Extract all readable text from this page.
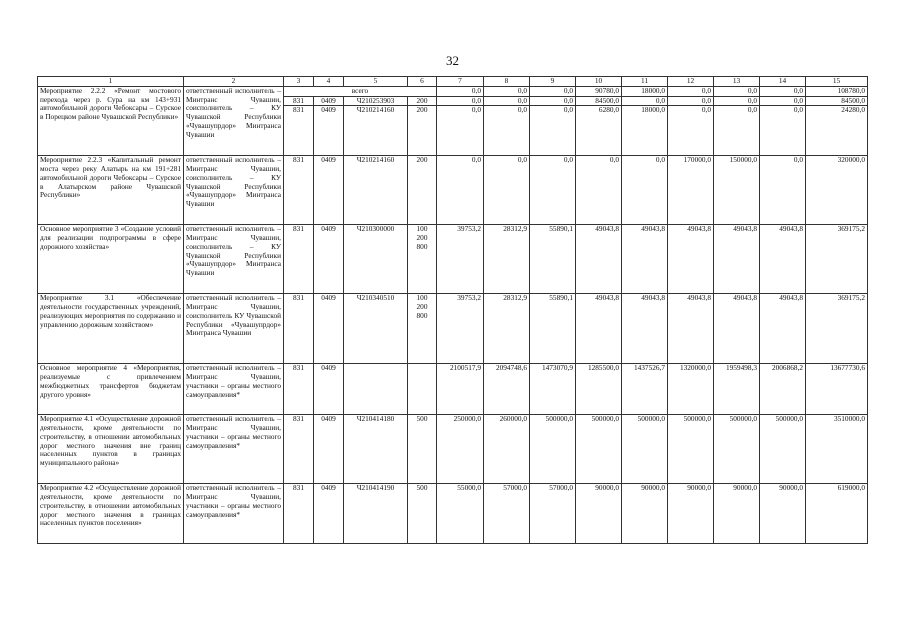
32
1	2	3	4	5	6	7	8	9	10	11	12	13	14	15
Мероприятие 2.2.2 «Ремонт мостового перехода через р. Сура на км 143+931 автомобильной дороги Чебоксары – Сурское в Порецком районе Чувашской Республики»	ответственный исполнитель – Минтранс Чувашии, соисполнитель – КУ Чувашской Республики «Чувашупрдор» Минтранса Чувашии	всего				0,0	0,0	0,0	90780,0	18000,0	0,0	0,0	0,0	108780,0
		831	0409	Ч210253903	200	0,0	0,0	0,0	84500,0	0,0	0,0	0,0	0,0	84500,0
		831	0409	Ч210214160	200	0,0	0,0	0,0	6280,0	18000,0	0,0	0,0	0,0	24280,0
Мероприятие 2.2.3 «Капитальный ремонт моста через реку Алатырь на км 191+281 автомобильной дороги Чебоксары – Сурское в Алатырском районе Чувашской Республики»	ответственный исполнитель – Минтранс Чувашии, соисполнитель – КУ Чувашской Республики «Чувашупрдор» Минтранса Чувашии	831	0409	Ч210214160	200	0,0	0,0	0,0	0,0	0,0	170000,0	150000,0	0,0	320000,0
Основное мероприятие 3 «Создание условий для реализации подпрограммы в сфере дорожного хозяйства»	ответственный исполнитель – Минтранс Чувашии, соисполнитель – КУ Чувашской Республики «Чувашупрдор» Минтранса Чувашии	831	0409	Ч210300000	100
200
800	39753,2	28312,9	55890,1	49043,8	49043,8	49043,8	49043,8	49043,8	369175,2
Мероприятие 3.1 «Обеспечение деятельности государственных учреждений, реализующих мероприятия по содержанию и управлению дорожным хозяйством»	ответственный исполнитель – Минтранс Чувашии, соисполнитель КУ Чувашской Республики «Чувашупрдор» Минтранса Чувашии	831	0409	Ч210340510	100
200
800	39753,2	28312,9	55890,1	49043,8	49043,8	49043,8	49043,8	49043,8	369175,2
Основное мероприятие 4 «Мероприятия, реализуемые с привлечением межбюджетных трансфертов бюджетам другого уровня»	ответственный исполнитель – Минтранс Чувашии, участники – органы местного самоуправления*	831	0409			2100517,9	2094748,6	1473070,9	1285500,0	1437526,7	1320000,0	1959498,3	2006868,2	13677730,6
Мероприятие 4.1 «Осуществление дорожной деятельности, кроме деятельности по строительству, в отношении автомобильных дорог местного значения вне границ населенных пунктов в границах муниципального района»	ответственный исполнитель – Минтранс Чувашии, участники – органы местного самоуправления*	831	0409	Ч210414180	500	250000,0	260000,0	500000,0	500000,0	500000,0	500000,0	500000,0	500000,0	3510000,0
Мероприятие 4.2 «Осуществление дорожной деятельности, кроме деятельности по строительству, в отношении автомобильных дорог местного значения в границах населенных пунктов поселения»	ответственный исполнитель – Минтранс Чувашии, участники – органы местного самоуправления*	831	0409	Ч210414190	500	55000,0	57000,0	57000,0	90000,0	90000,0	90000,0	90000,0	90000,0	619000,0
